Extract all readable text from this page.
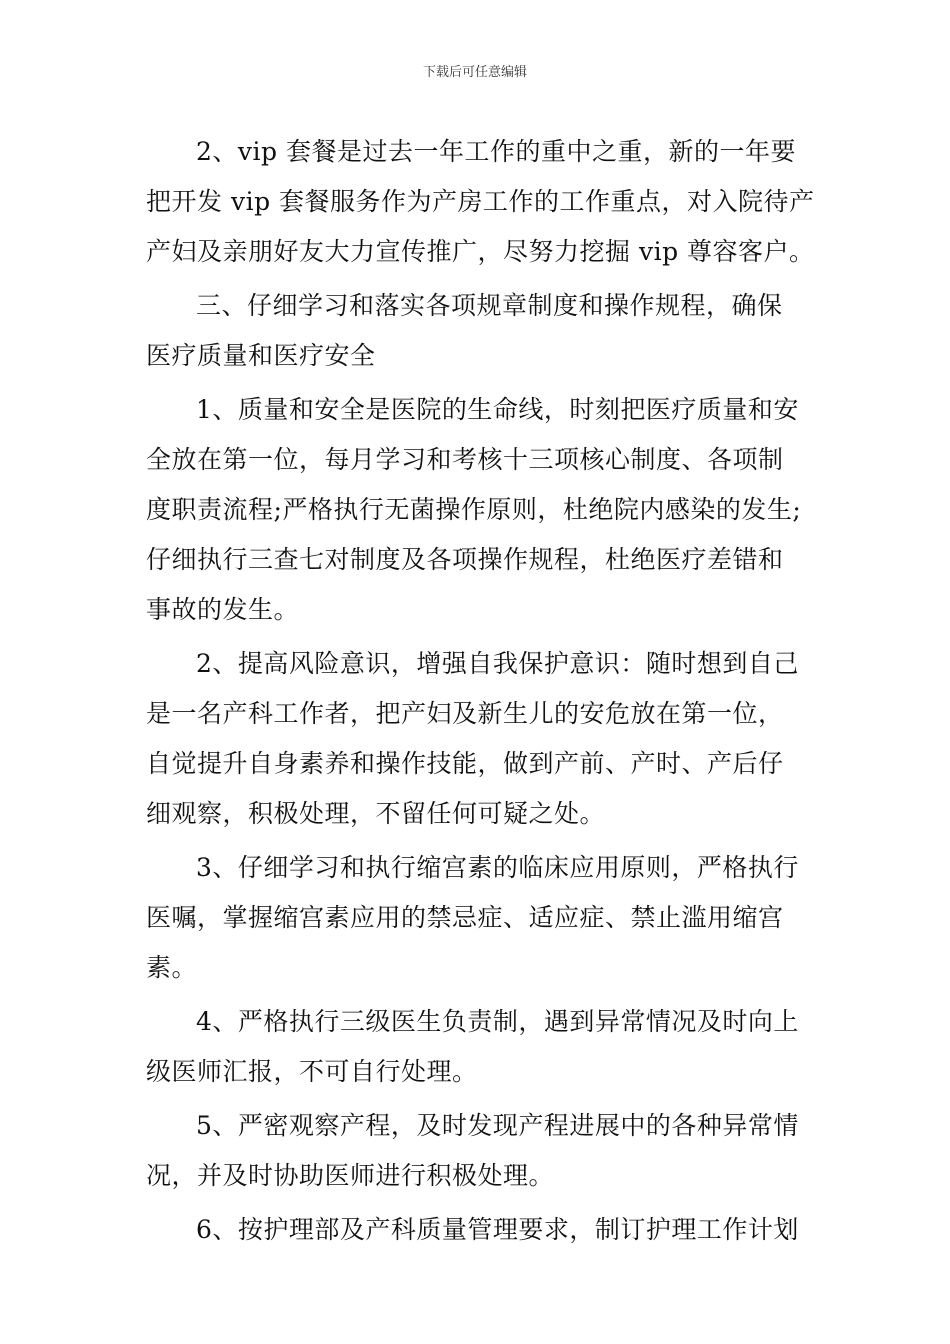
下载后可任意编辑
2、vip 套餐是过去一年工作的重中之重，新的一年要
把开发 vip 套餐服务作为产房工作的工作重点，对入院待产
产妇及亲朋好友大力宣传推广，尽努力挖掘 vip 尊容客户。
三、仔细学习和落实各项规章制度和操作规程，确保
医疗质量和医疗安全
1、质量和安全是医院的生命线，时刻把医疗质量和安
全放在第一位，每月学习和考核十三项核心制度、各项制
度职责流程;严格执行无菌操作原则，杜绝院内感染的发生;
仔细执行三查七对制度及各项操作规程，杜绝医疗差错和
事故的发生。
2、提高风险意识，增强自我保护意识：随时想到自己
是一名产科工作者，把产妇及新生儿的安危放在第一位，
自觉提升自身素养和操作技能，做到产前、产时、产后仔
细观察，积极处理，不留任何可疑之处。
3、仔细学习和执行缩宫素的临床应用原则，严格执行
医嘱，掌握缩宫素应用的禁忌症、适应症、禁止滥用缩宫
素。
4、严格执行三级医生负责制，遇到异常情况及时向上
级医师汇报，不可自行处理。
5、严密观察产程，及时发现产程进展中的各种异常情
况，并及时协助医师进行积极处理。
6、按护理部及产科质量管理要求，制订护理工作计划
